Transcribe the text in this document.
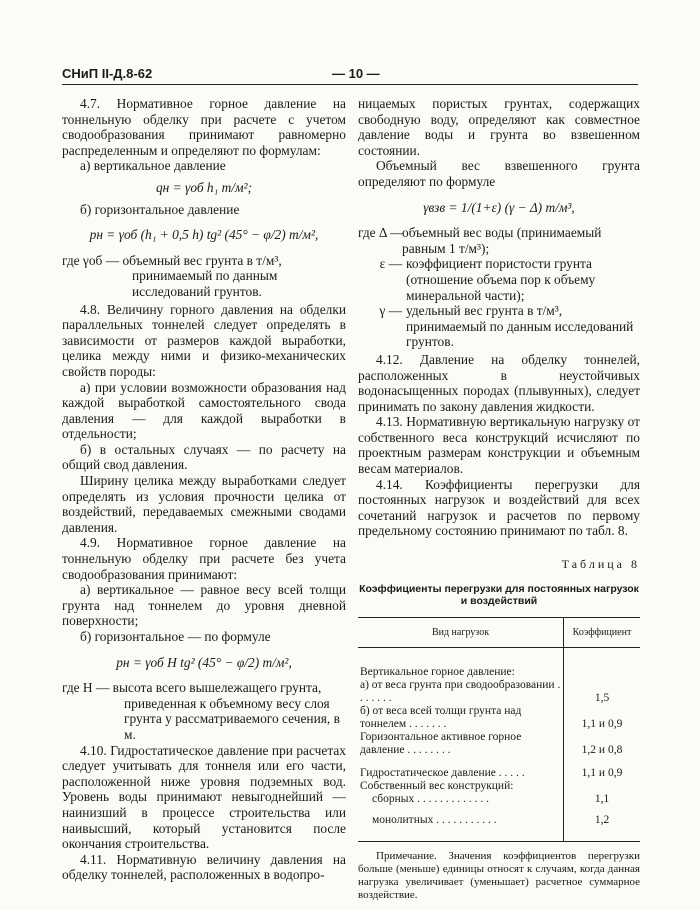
СНиП II-Д.8-62	— 10 —

4.7. Нормативное горное давление на тоннельную обделку при расчете с учетом сводообразования принимают равномерно распределенным и определяют по формулам:

а) вертикальное давление

qн = γоб h₁ т/м²;

б) горизонтальное давление

pн = γоб (h₁ + 0,5 h) tg² (45° − φ/2) т/м²,

где γоб — объемный вес грунта в т/м³, принимаемый по данным исследований грунтов.

4.8. Величину горного давления на обделки параллельных тоннелей следует определять в зависимости от размеров каждой выработки, целика между ними и физико-механических свойств породы:

а) при условии возможности образования над каждой выработкой самостоятельного свода давления — для каждой выработки в отдельности;

б) в остальных случаях — по расчету на общий свод давления.

Ширину целика между выработками следует определять из условия прочности целика от воздействий, передаваемых смежными сводами давления.

4.9. Нормативное горное давление на тоннельную обделку при расчете без учета сводообразования принимают:

а) вертикальное — равное весу всей толщи грунта над тоннелем до уровня дневной поверхности;

б) горизонтальное — по формуле

pн = γоб H tg² (45° − φ/2) т/м²,

где H — высота всего вышележащего грунта, приведенная к объемному весу слоя грунта у рассматриваемого сечения, в м.

4.10. Гидростатическое давление при расчетах следует учитывать для тоннеля или его части, расположенной ниже уровня подземных вод. Уровень воды принимают невыгоднейший — наинизший в процессе строительства или наивысший, который установится после окончания строительства.

4.11. Нормативную величину давления на обделку тоннелей, расположенных в водопро-

ницаемых пористых грунтах, содержащих свободную воду, определяют как совместное давление воды и грунта во взвешенном состоянии.

Объемный вес взвешенного грунта определяют по формуле

γвзв = 1/(1+ε) (γ − Δ) т/м³,
где Δ —
объемный вес воды (принимаемый равным 1 т/м³);
ε — коэффициент пористости грунта (отношение объема пор к объему минеральной части);
γ — удельный вес грунта в т/м³, принимаемый по данным исследований грунтов.

4.12. Давление на обделку тоннелей, расположенных в неустойчивых водонасыщенных породах (плывунных), следует принимать по закону давления жидкости.

4.13. Нормативную вертикальную нагрузку от собственного веса конструкций исчисляют по проектным размерам конструкции и объемным весам материалов.

4.14. Коэффициенты перегрузки для постоянных нагрузок и воздействий для всех сочетаний нагрузок и расчетов по первому предельному состоянию принимают по табл. 8.

Таблица 8
Коэффициенты перегрузки для постоянных нагрузок и воздействий
Вид нагрузок	Коэффициент
Вертикальное горное давление:	
а) от веса грунта при сводообразовании . . . . . . .	1,5
б) от веса всей толщи грунта над тоннелем . . . . . . .	1,1 и 0,9
Горизонтальное активное горное давление . . . . . . . .	1,2 и 0,8
Гидростатическое давление . . . . .	1,1 и 0,9
Собственный вес конструкций:	
сборных . . . . . . . . . . . . .	1,1
монолитных . . . . . . . . . . .	1,2

Примечание. Значения коэффициентов перегрузки больше (меньше) единицы относят к случаям, когда данная нагрузка увеличивает (уменьшает) расчетное суммарное воздействие.
